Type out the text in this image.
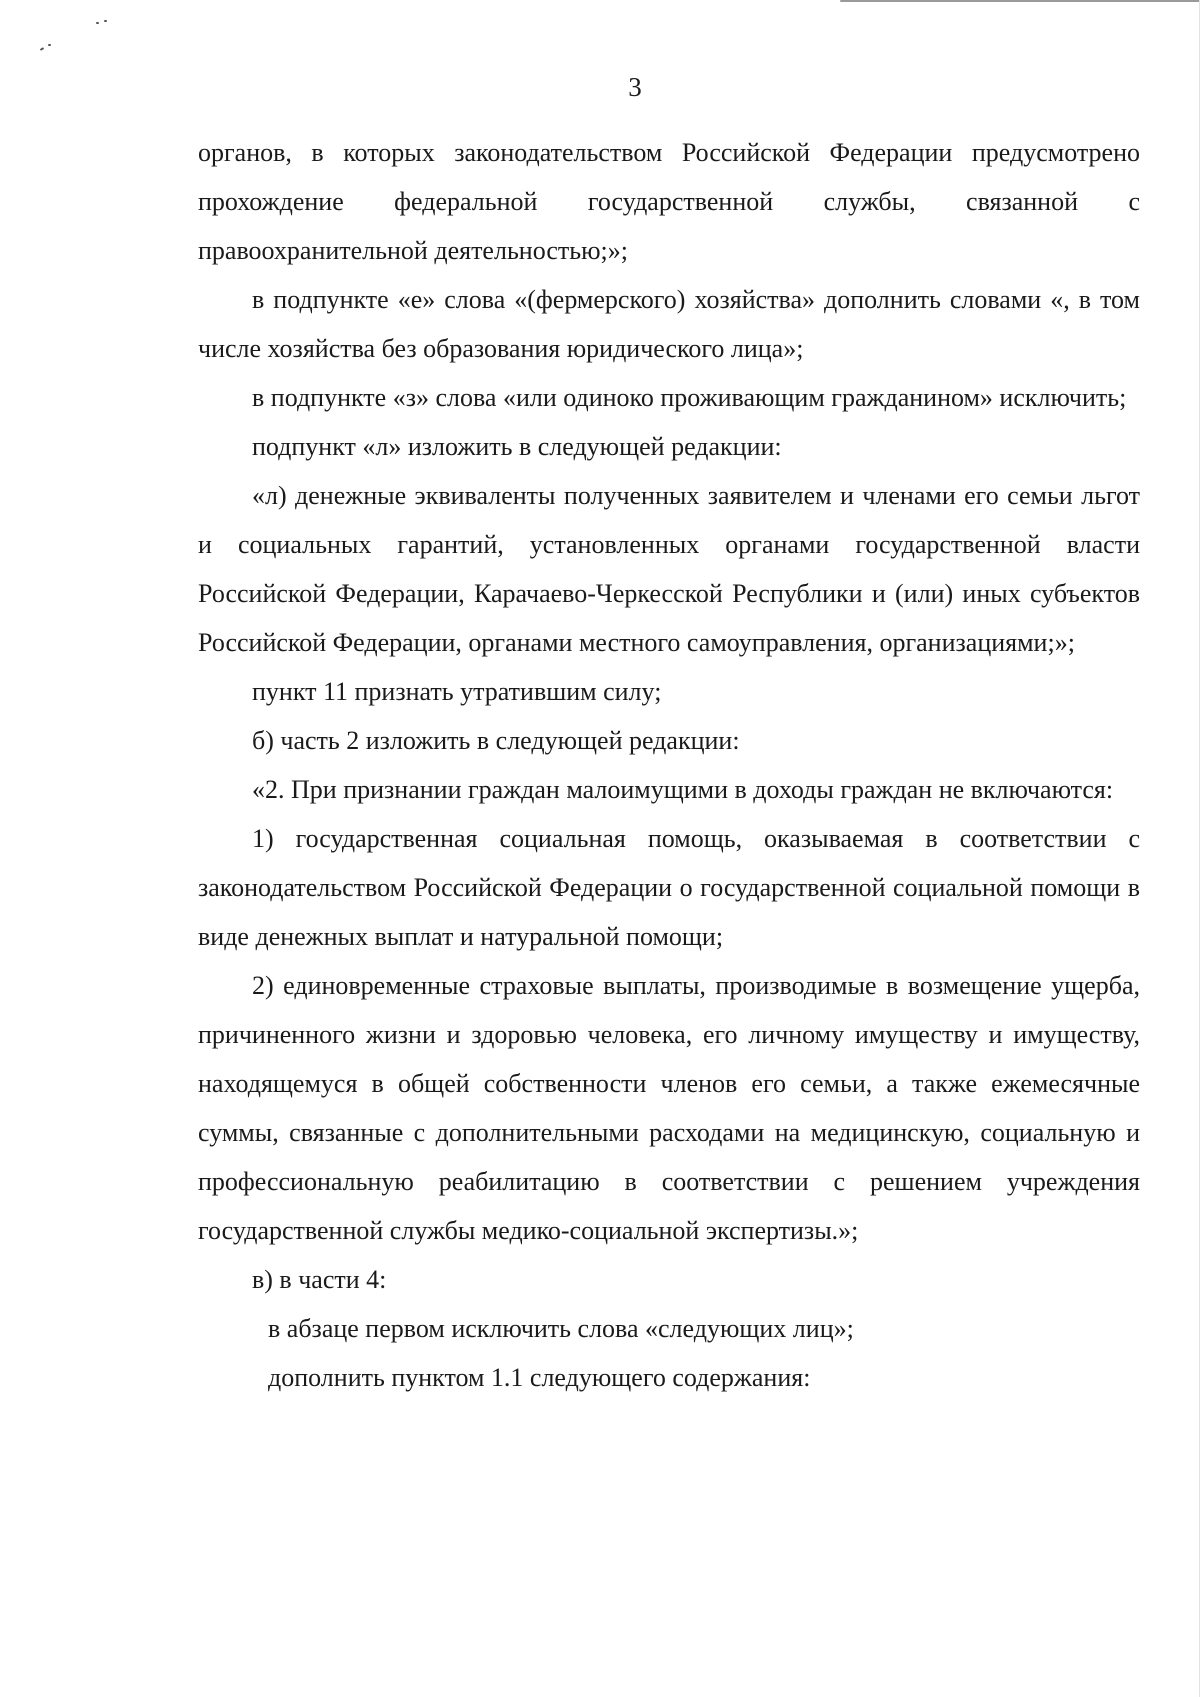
3

органов, в которых законодательством Российской Федерации предусмотрено прохождение федеральной государственной службы, связанной с правоохранительной деятельностью;»;

в подпункте «е» слова «(фермерского) хозяйства» дополнить словами «, в том числе хозяйства без образования юридического лица»;

в подпункте «з» слова «или одиноко проживающим гражданином» исключить;

подпункт «л» изложить в следующей редакции:

«л) денежные эквиваленты полученных заявителем и членами его семьи льгот и социальных гарантий, установленных органами государственной власти Российской Федерации, Карачаево-Черкесской Республики и (или) иных субъектов Российской Федерации, органами местного самоуправления, организациями;»;

пункт 11 признать утратившим силу;

б) часть 2 изложить в следующей редакции:

«2. При признании граждан малоимущими в доходы граждан не включаются:

1) государственная социальная помощь, оказываемая в соответствии с законодательством Российской Федерации о государственной социальной помощи в виде денежных выплат и натуральной помощи;

2) единовременные страховые выплаты, производимые в возмещение ущерба, причиненного жизни и здоровью человека, его личному имуществу и имуществу, находящемуся в общей собственности членов его семьи, а также ежемесячные суммы, связанные с дополнительными расходами на медицинскую, социальную и профессиональную реабилитацию в соответствии с решением учреждения государственной службы медико-социальной экспертизы.»;

в) в части 4:

в абзаце первом исключить слова «следующих лиц»;

дополнить пунктом 1.1 следующего содержания:
